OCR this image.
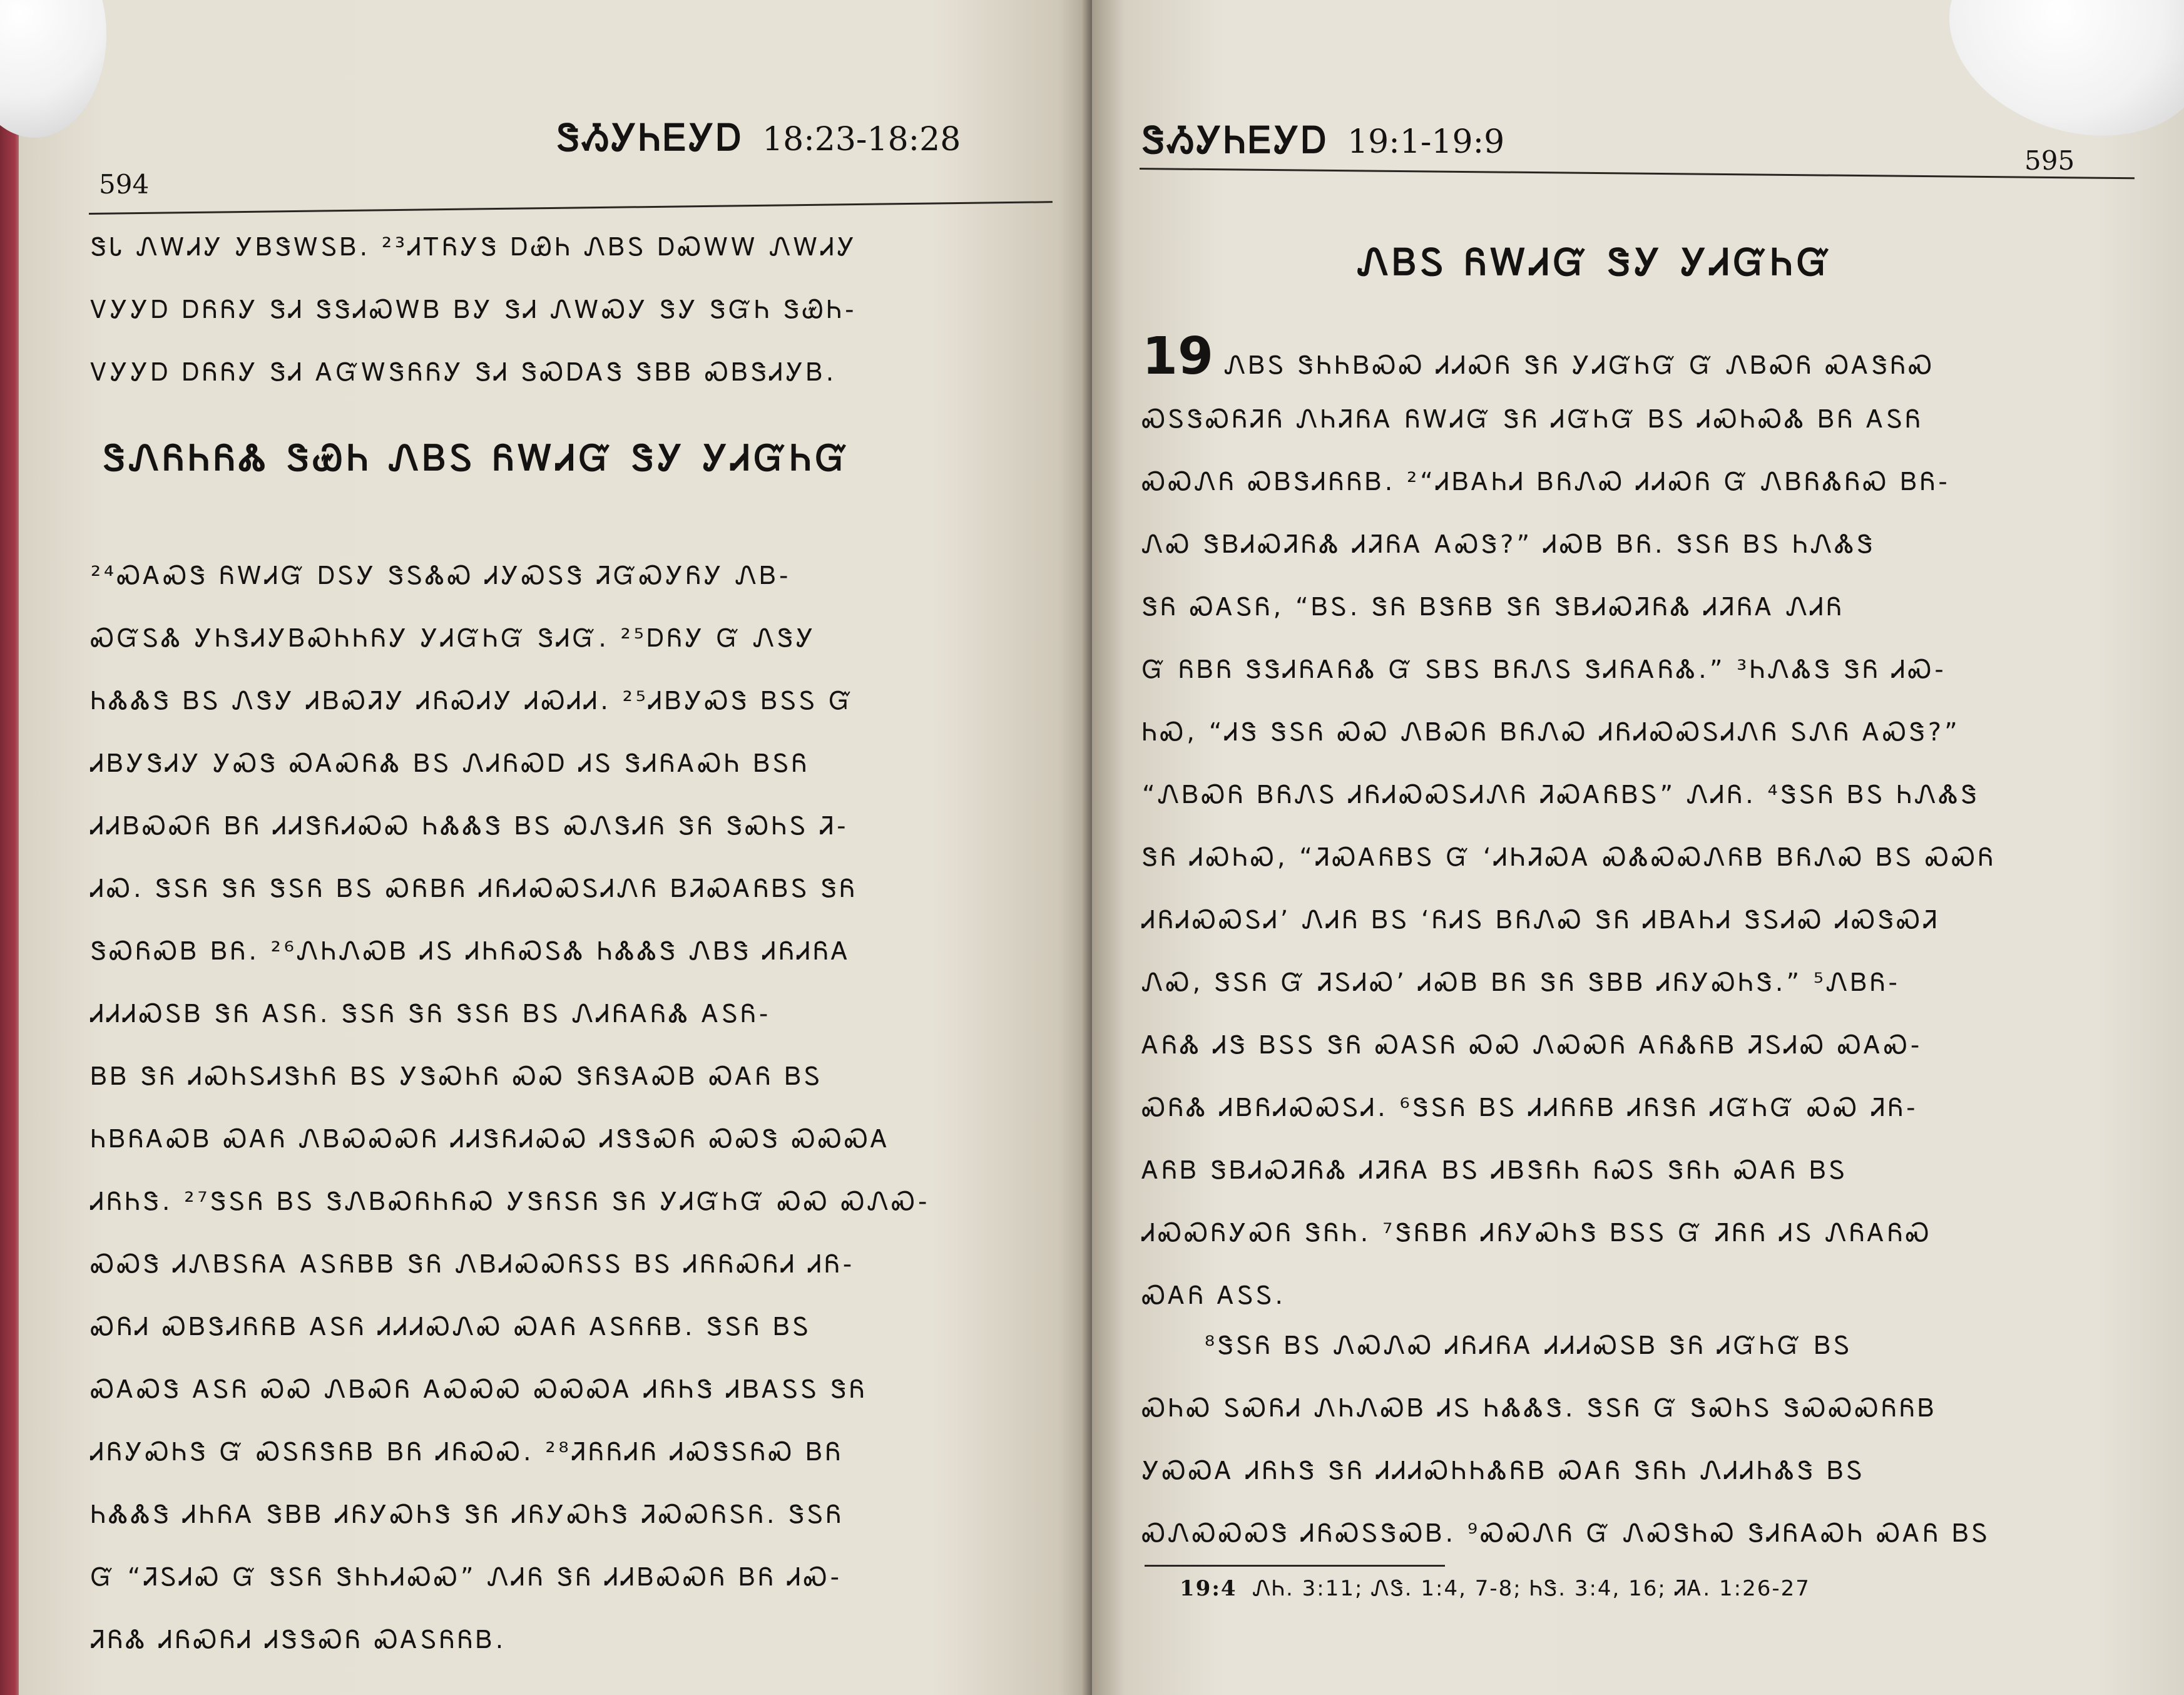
ᏕᏱᎩᏂᎬᎩᎠ 18:23-18:28
594
ᏕᏓ ᏁᎳᏗᎩ ᎩᏴᏕᎳᏚᏴ. ²³ᏗᎢᏲᎩᏕ ᎠᏯᏂ ᏁᏴᏚ ᎠᏍᎳᎳ ᏁᎳᏗᎩ
ᏙᎩᎩᎠ ᎠᏲᏲᎩ ᏕᏗ ᏕᏕᏗᏍᎳᏴ ᏴᎩ ᏕᏗ ᏁᎳᏍᎩ ᏕᎩ ᏕᏳᏂ ᏕᏯᏂ-
ᏙᎩᎩᎠ ᎠᏲᏲᎩ ᏕᏗ ᎪᏳᎳᏕᏲᏲᎩ ᏕᏗ ᏕᏍᎠᎪᏕ ᏕᏴᏴ ᏍᏴᏕᏗᎩᏴ.
ᏕᏁᏲᏂᏲᏜ ᏕᏯᏂ ᏁᏴᏚ ᏲᎳᏗᏳ ᏕᎩ ᎩᏗᏳᏂᏳ
²⁴ᏍᎪᏍᏕ ᏲᎳᏗᏳ ᎠᏚᎩ ᏕᏚᏜᏍ ᏗᎩᏍᏚᏕ ᏘᏳᏍᎩᏲᎩ ᏁᏴ-
ᏍᏳᏚᏜ ᎩᏂᏕᏗᎩᏴᏍᏂᏂᏲᎩ ᎩᏗᏳᏂᏳ ᏕᏗᏳ. ²⁵ᎠᏲᎩ Ᏻ ᏁᏕᎩ
ᏂᏜᏜᏕ ᏴᏚ ᏁᏕᎩ ᏗᏴᏍᏘᎩ ᏗᏲᏍᏗᎩ ᏗᏍᏗᏗ. ²⁵ᏗᏴᎩᏍᏕ ᏴᏚᏚ Ᏻ
ᏗᏴᎩᏕᏗᎩ ᎩᏍᏕ ᏍᎪᏍᏲᏜ ᏴᏚ ᏁᏗᏲᏍᎠ ᏗᏚ ᏕᏗᏲᎪᏍᏂ ᏴᏚᏲ
ᏗᏗᏴᏍᏍᏲ ᏴᏲ ᏗᏗᏕᏲᏗᏍᏍ ᏂᏜᏜᏕ ᏴᏚ ᏍᏁᏕᏗᏲ ᏕᏲ ᏕᏍᏂᏚ Ꮨ-
ᏗᏍ. ᏕᏚᏲ ᏕᏲ ᏕᏚᏲ ᏴᏚ ᏍᏲᏴᏲ ᏗᏲᏗᏍᏍᏚᏗᏁᏲ ᏴᏘᏍᎪᏲᏴᏚ ᏕᏲ
ᏕᏍᏲᏍᏴ ᏴᏲ. ²⁶ᏁᏂᏁᏍᏴ ᏗᏚ ᏗᏂᏲᏍᏚᏜ ᏂᏜᏜᏕ ᏁᏴᏕ ᏗᏲᏗᏲᎪ
ᏗᏗᏗᏍᏚᏴ ᏕᏲ ᎪᏚᏲ. ᏕᏚᏲ ᏕᏲ ᏕᏚᏲ ᏴᏚ ᏁᏗᏲᎪᏲᏜ ᎪᏚᏲ-
ᏴᏴ ᏕᏲ ᏗᏍᏂᏚᏗᏕᏂᏲ ᏴᏚ ᎩᏕᏍᏂᏲ ᏍᏍ ᏕᏲᏕᎪᏍᏴ ᏍᎪᏲ ᏴᏚ
ᏂᏴᏲᎪᏍᏴ ᏍᎪᏲ ᏁᏴᏍᏍᏍᏲ ᏗᏗᏕᏲᏗᏍᏍ ᏗᏕᏕᏍᏲ ᏍᏍᏕ ᏍᏍᏍᎪ
ᏗᏲᏂᏕ. ²⁷ᏕᏚᏲ ᏴᏚ ᏕᏁᏴᏍᏲᏂᏲᏍ ᎩᏕᏲᏚᏲ ᏕᏲ ᎩᏗᏳᏂᏳ ᏍᏍ ᏍᏁᏍ-
ᏍᏍᏕ ᏗᏁᏴᏚᏲᎪ ᎪᏚᏲᏴᏴ ᏕᏲ ᏁᏴᏗᏍᏍᏲᏚᏚ ᏴᏚ ᏗᏲᏲᏍᏲᏗ ᏗᏲ-
ᏍᏲᏗ ᏍᏴᏕᏗᏲᏲᏴ ᎪᏚᏲ ᏗᏗᏗᏍᏁᏍ ᏍᎪᏲ ᎪᏚᏲᏲᏴ. ᏕᏚᏲ ᏴᏚ
ᏍᎪᏍᏕ ᎪᏚᏲ ᏍᏍ ᏁᏴᏍᏲ ᎪᏍᏍᏍ ᏍᏍᏍᎪ ᏗᏲᏂᏕ ᏗᏴᎪᏚᏚ ᏕᏲ
ᏗᏲᎩᏍᏂᏕ Ᏻ ᏍᏚᏲᏕᏲᏴ ᏴᏲ ᏗᏲᏍᏍ. ²⁸ᏘᏲᏲᏗᏲ ᏗᏍᏕᏚᏲᏍ ᏴᏲ
ᏂᏜᏜᏕ ᏗᏂᏲᎪ ᏕᏴᏴ ᏗᏲᎩᏍᏂᏕ ᏕᏲ ᏗᏲᎩᏍᏂᏕ ᏘᏍᏍᏲᏚᏲ. ᏕᏚᏲ
Ᏻ “ᏘᏚᏗᏍ Ᏻ ᏕᏚᏲ ᏕᏂᏂᏗᏍᏍ” ᏁᏗᏲ ᏕᏲ ᏗᏗᏴᏍᏍᏲ ᏴᏲ ᏗᏍ-
ᏘᏲᏜ ᏗᏲᏍᏲᏗ ᏗᏕᏕᏍᏲ ᏍᎪᏚᏲᏲᏴ.
ᏕᏱᎩᏂᎬᎩᎠ 19:1-19:9	595
ᏁᏴᏚ ᏲᎳᏗᏳ ᏕᎩ ᎩᏗᏳᏂᏳ
19 ᏁᏴᏚ ᏕᏂᏂᏴᏍᏍ ᏗᏗᏍᏲ ᏕᏲ ᎩᏗᏳᏂᏳ Ᏻ ᏁᏴᏍᏲ ᏍᎪᏕᏲᏍ
ᏍᏚᏕᏍᏲᏘᏲ ᏁᏂᏘᏲᎪ ᏲᎳᏗᏳ ᏕᏲ ᏗᏳᏂᏳ ᏴᏚ ᏗᏍᏂᏍᏜ ᏴᏲ ᎪᏚᏲ
ᏍᏍᏁᏲ ᏍᏴᏕᏗᏲᏲᏴ. ²“ᏗᏴᎪᏂᏗ ᏴᏲᏁᏍ ᏗᏗᏍᏲ Ᏻ ᏁᏴᏲᏜᏲᏍ ᏴᏲ-
ᏁᏍ ᏕᏴᏗᏍᏘᏲᏜ ᏗᏘᏲᎪ ᎪᏍᏕ?” ᏗᏍᏴ ᏴᏲ. ᏕᏚᏲ ᏴᏚ ᏂᏁᏜᏕ
ᏕᏲ ᏍᎪᏚᏲ, “ᏴᏚ. ᏕᏲ ᏴᏕᏲᏴ ᏕᏲ ᏕᏴᏗᏍᏘᏲᏜ ᏗᏘᏲᎪ ᏁᏗᏲ
Ᏻ ᏲᏴᏲ ᏕᏕᏗᏲᎪᏲᏜ Ᏻ ᏚᏴᏚ ᏴᏲᏁᏚ ᏕᏗᏲᎪᏲᏜ.” ³ᏂᏁᏜᏕ ᏕᏲ ᏗᏍ-
ᏂᏍ, “ᏗᏕ ᏕᏚᏲ ᏍᏍ ᏁᏴᏍᏲ ᏴᏲᏁᏍ ᏗᏲᏗᏍᏍᏚᏗᏁᏲ ᏚᏁᏲ ᎪᏍᏕ?”
“ᏁᏴᏍᏲ ᏴᏲᏁᏚ ᏗᏲᏗᏍᏍᏚᏗᏁᏲ ᏘᏍᎪᏲᏴᏚ” ᏁᏗᏲ. ⁴ᏕᏚᏲ ᏴᏚ ᏂᏁᏜᏕ
ᏕᏲ ᏗᏍᏂᏍ, “ᏘᏍᎪᏲᏴᏚ Ᏻ ‘ᏗᏂᏘᏍᎪ ᏍᏜᏍᏍᏁᏲᏴ ᏴᏲᏁᏍ ᏴᏚ ᏍᏍᏲ
ᏗᏲᏗᏍᏍᏚᏗ’ ᏁᏗᏲ ᏴᏚ ‘ᏲᏗᏚ ᏴᏲᏁᏍ ᏕᏲ ᏗᏴᎪᏂᏗ ᏕᏚᏗᏍ ᏗᏍᏕᏍᏘ
ᏁᏍ, ᏕᏚᏲ Ᏻ ᏘᏚᏗᏍ’ ᏗᏍᏴ ᏴᏲ ᏕᏲ ᏕᏴᏴ ᏗᏲᎩᏍᏂᏕ.” ⁵ᏁᏴᏲ-
ᎪᏲᏜ ᏗᏕ ᏴᏚᏚ ᏕᏲ ᏍᎪᏚᏲ ᏍᏍ ᏁᏍᏍᏲ ᎪᏲᏜᏲᏴ ᏘᏚᏗᏍ ᏍᎪᏍ-
ᏍᏲᏜ ᏗᏴᏲᏗᏍᏍᏚᏗ. ⁶ᏕᏚᏲ ᏴᏚ ᏗᏗᏲᏲᏴ ᏗᏲᏕᏲ ᏗᏳᏂᏳ ᏍᏍ ᏘᏲ-
ᎪᏲᏴ ᏕᏴᏗᏍᏘᏲᏜ ᏗᏘᏲᎪ ᏴᏚ ᏗᏴᏕᏲᏂ ᏲᏍᏚ ᏕᏲᏂ ᏍᎪᏲ ᏴᏚ
ᏗᏍᏍᏲᎩᏍᏲ ᏕᏲᏂ. ⁷ᏕᏲᏴᏲ ᏗᏲᎩᏍᏂᏕ ᏴᏚᏚ Ᏻ ᏘᏲᏲ ᏗᏚ ᏁᏲᎪᏲᏍ
ᏍᎪᏲ ᎪᏚᏚ.
⁸ᏕᏚᏲ ᏴᏚ ᏁᏍᏁᏍ ᏗᏲᏗᏲᎪ ᏗᏗᏗᏍᏚᏴ ᏕᏲ ᏗᏳᏂᏳ ᏴᏚ
ᏍᏂᏍ ᏚᏍᏲᏗ ᏁᏂᏁᏍᏴ ᏗᏚ ᏂᏜᏜᏕ. ᏕᏚᏲ Ᏻ ᏕᏍᏂᏚ ᏕᏍᏍᏍᏲᏲᏴ
ᎩᏍᏍᎪ ᏗᏲᏂᏕ ᏕᏲ ᏗᏗᏗᏍᏂᏂᏜᏲᏴ ᏍᎪᏲ ᏕᏲᏂ ᏁᏗᏗᏂᏜᏕ ᏴᏚ
ᏍᏁᏍᏍᏍᏕ ᏗᏲᏍᏚᏕᏍᏴ. ⁹ᏍᏍᏁᏲ Ᏻ ᏁᏍᏕᏂᏍ ᏕᏗᏲᎪᏍᏂ ᏍᎪᏲ ᏴᏚ
19:4 ᏁᏂ. 3:11; ᏁᏕ. 1:4, 7-8; ᏂᏕ. 3:4, 16; ᏘᎪ. 1:26-27
